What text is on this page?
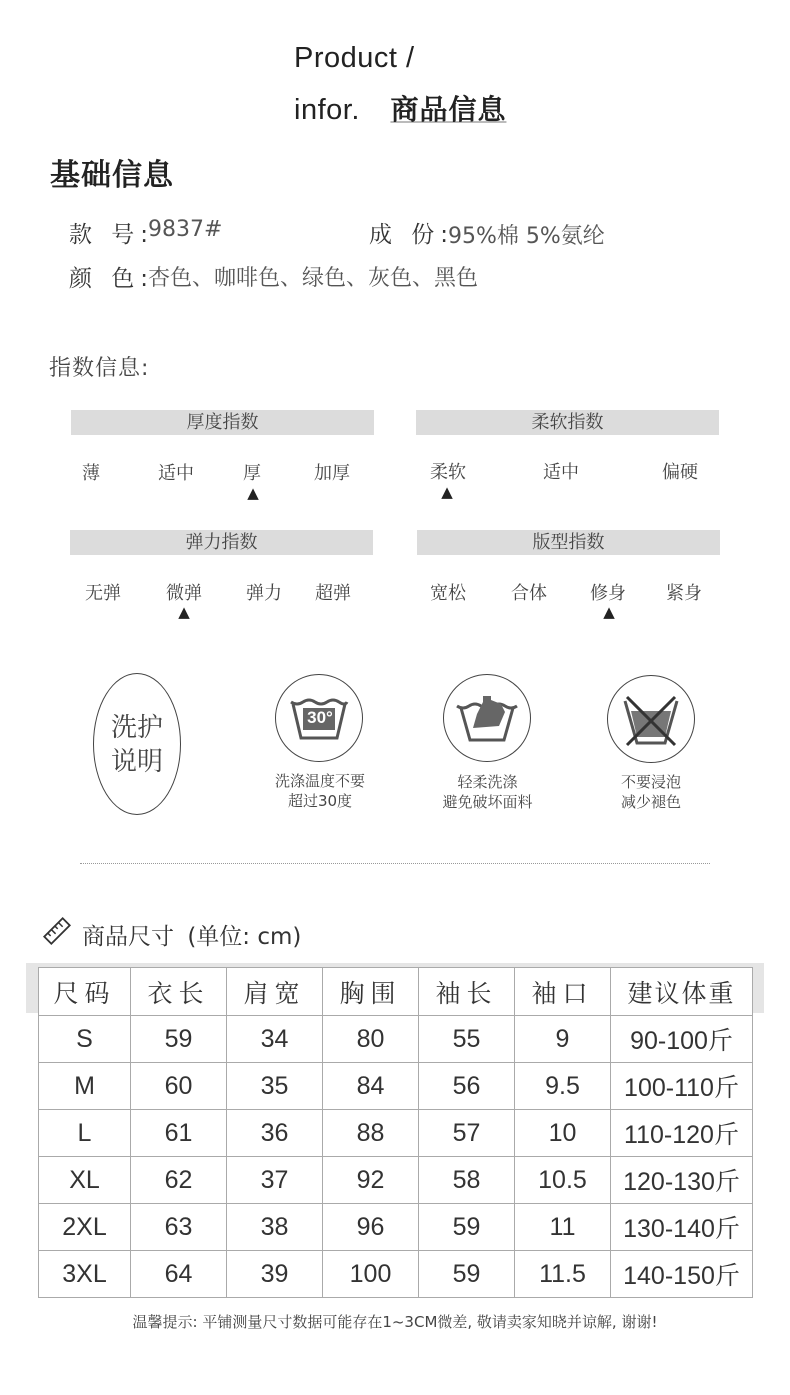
Product /
infor. 商品信息
基础信息
款 号:
9837#	成 份:
95%棉 5%氨纶
颜 色:
杏色、咖啡色、绿色、灰色、黑色
指数信息:
厚度指数
薄	适中	厚	加厚
▲
柔软指数
柔软	适中	偏硬
▲
弹力指数
无弹	微弹	弹力	超弹
▲
版型指数
宽松	合体	修身	紧身
▲
洗护
说明
30°
洗涤温度不要
超过30度
轻柔洗涤
避免破坏面料
不要浸泡
减少褪色
商品尺寸 (单位: cm)
尺码	衣长	肩宽	胸围	袖长	袖口	建议体重
S	59	34	80	55	9	90-100斤
M	60	35	84	56	9.5	100-110斤
L	61	36	88	57	10	110-120斤
XL	62	37	92	58	10.5	120-130斤
2XL	63	38	96	59	11	130-140斤
3XL	64	39	100	59	11.5	140-150斤
温馨提示: 平铺测量尺寸数据可能存在1~3CM微差, 敬请卖家知晓并谅解, 谢谢!
